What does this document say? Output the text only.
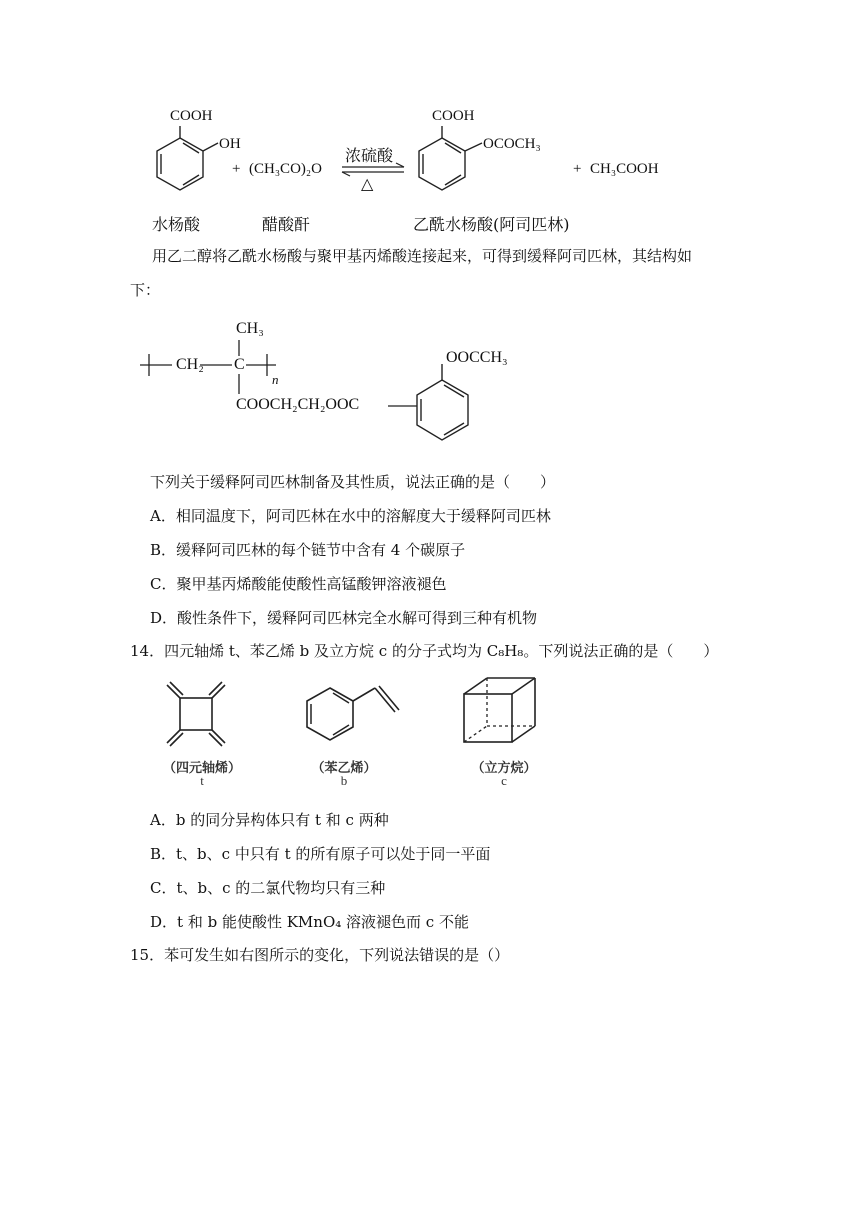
COOH
OH
+ (CH₃CO)₂O
浓硫酸
△
COOH
OCOCH₃
+ CH₃COOH
水杨酸	醋酸酐	乙酰水杨酸(阿司匹林)
用乙二醇将乙酰水杨酸与聚甲基丙烯酸连接起来，可得到缓释阿司匹林，其结构如
下：
CH₃
CH₂ C
n
COOCH₂CH₂OOC
OOCCH₃
下列关于缓释阿司匹林制备及其性质，说法正确的是（　　）
A．相同温度下，阿司匹林在水中的溶解度大于缓释阿司匹林
B．缓释阿司匹林的每个链节中含有 4 个碳原子
C．聚甲基丙烯酸能使酸性高锰酸钾溶液褪色
D．酸性条件下，缓释阿司匹林完全水解可得到三种有机物
14．四元轴烯 t、苯乙烯 b 及立方烷 c 的分子式均为 C₈H₈。下列说法正确的是（　　）
（四元轴烯）
t
（苯乙烯）
b
（立方烷）
c
A．b 的同分异构体只有 t 和 c 两种
B．t、b、c 中只有 t 的所有原子可以处于同一平面
C．t、b、c 的二氯代物均只有三种
D．t 和 b 能使酸性 KMnO₄ 溶液褪色而 c 不能
15．苯可发生如右图所示的变化，下列说法错误的是（）
